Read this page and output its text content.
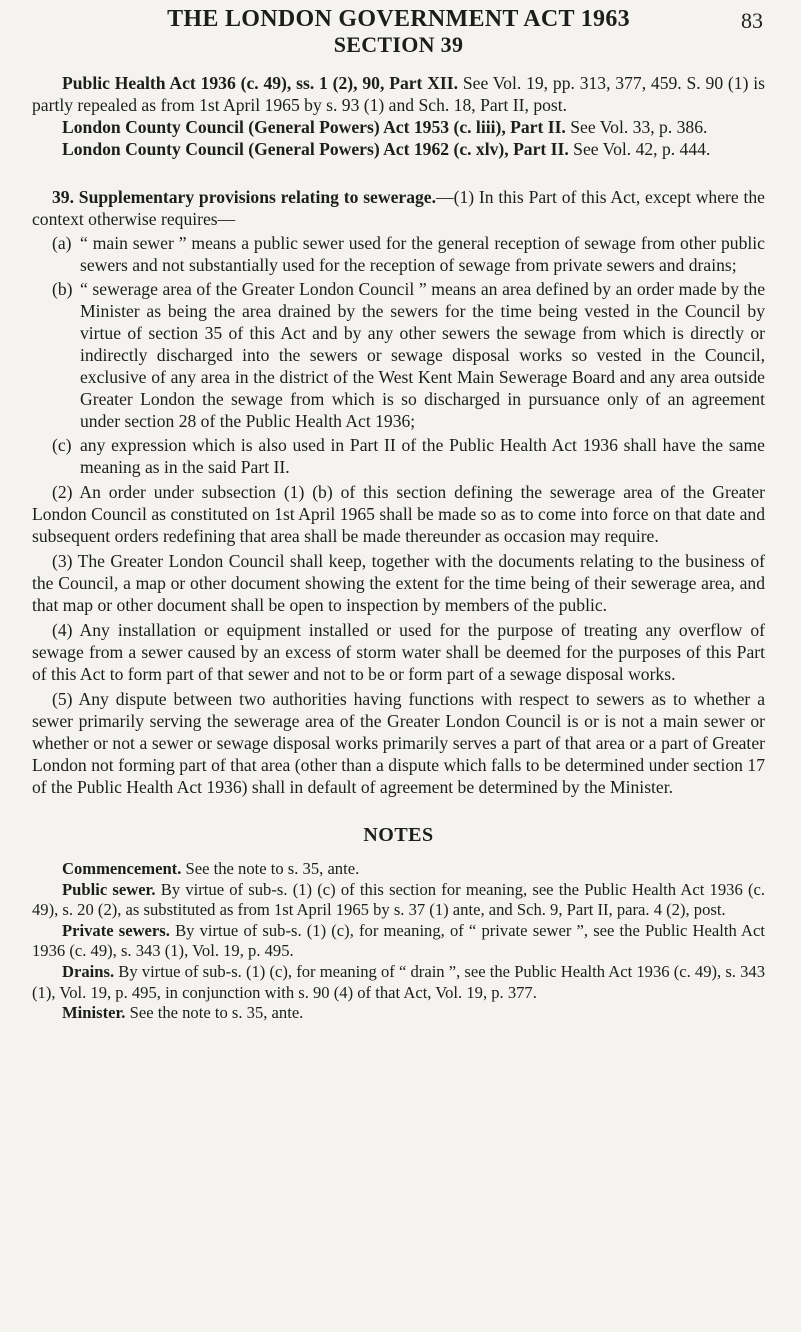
THE LONDON GOVERNMENT ACT 1963	83
SECTION 39

Public Health Act 1936 (c. 49), ss. 1 (2), 90, Part XII. See Vol. 19, pp. 313, 377, 459. S. 90 (1) is partly repealed as from 1st April 1965 by s. 93 (1) and Sch. 18, Part II, post.

London County Council (General Powers) Act 1953 (c. liii), Part II. See Vol. 33, p. 386.

London County Council (General Powers) Act 1962 (c. xlv), Part II. See Vol. 42, p. 444.

39. Supplementary provisions relating to sewerage.—(1) In this Part of this Act, except where the context otherwise requires—

(a) “ main sewer ” means a public sewer used for the general reception of sewage from other public sewers and not substantially used for the reception of sewage from private sewers and drains;
(b) “ sewerage area of the Greater London Council ” means an area defined by an order made by the Minister as being the area drained by the sewers for the time being vested in the Council by virtue of section 35 of this Act and by any other sewers the sewage from which is directly or indirectly discharged into the sewers or sewage disposal works so vested in the Council, exclusive of any area in the district of the West Kent Main Sewerage Board and any area outside Greater London the sewage from which is so discharged in pursuance only of an agreement under section 28 of the Public Health Act 1936;
(c) any expression which is also used in Part II of the Public Health Act 1936 shall have the same meaning as in the said Part II.

(2) An order under subsection (1) (b) of this section defining the sewerage area of the Greater London Council as constituted on 1st April 1965 shall be made so as to come into force on that date and subsequent orders redefining that area shall be made thereunder as occasion may require.

(3) The Greater London Council shall keep, together with the documents relating to the business of the Council, a map or other document showing the extent for the time being of their sewerage area, and that map or other document shall be open to inspection by members of the public.

(4) Any installation or equipment installed or used for the purpose of treating any overflow of sewage from a sewer caused by an excess of storm water shall be deemed for the purposes of this Part of this Act to form part of that sewer and not to be or form part of a sewage disposal works.

(5) Any dispute between two authorities having functions with respect to sewers as to whether a sewer primarily serving the sewerage area of the Greater London Council is or is not a main sewer or whether or not a sewer or sewage disposal works primarily serves a part of that area or a part of Greater London not forming part of that area (other than a dispute which falls to be determined under section 17 of the Public Health Act 1936) shall in default of agreement be determined by the Minister.

NOTES

Commencement. See the note to s. 35, ante.

Public sewer. By virtue of sub-s. (1) (c) of this section for meaning, see the Public Health Act 1936 (c. 49), s. 20 (2), as substituted as from 1st April 1965 by s. 37 (1) ante, and Sch. 9, Part II, para. 4 (2), post.

Private sewers. By virtue of sub-s. (1) (c), for meaning, of “ private sewer ”, see the Public Health Act 1936 (c. 49), s. 343 (1), Vol. 19, p. 495.

Drains. By virtue of sub-s. (1) (c), for meaning of “ drain ”, see the Public Health Act 1936 (c. 49), s. 343 (1), Vol. 19, p. 495, in conjunction with s. 90 (4) of that Act, Vol. 19, p. 377.

Minister. See the note to s. 35, ante.
